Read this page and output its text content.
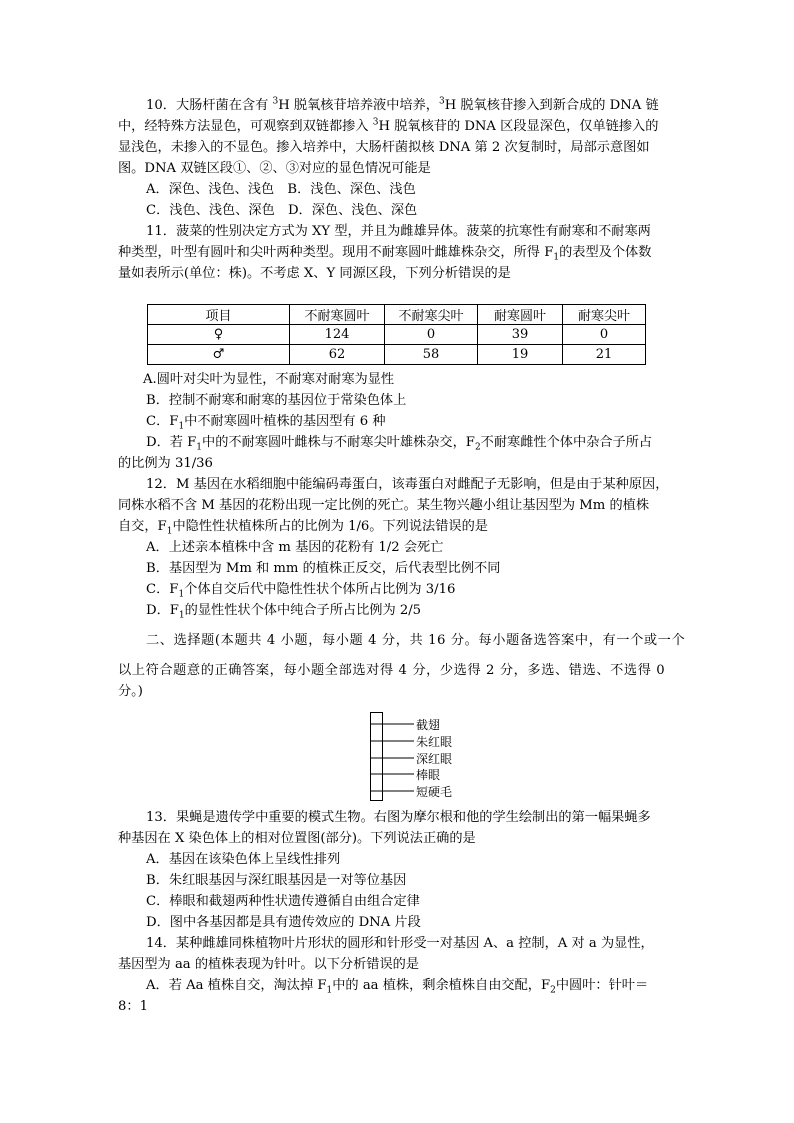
10．大肠杆菌在含有 $^3$H 脱氧核苷培养液中培养，$^3$H 脱氧核苷掺入到新合成的 DNA 链
中，经特殊方法显色，可观察到双链都掺入 $^3$H 脱氧核苷的 DNA 区段显深色，仅单链掺入的
显浅色，未掺入的不显色。掺入培养中，大肠杆菌拟核 DNA 第 2 次复制时，局部示意图如
图。DNA 双链区段①、②、③对应的显色情况可能是
A．深色、浅色、浅色　B．浅色、深色、浅色
C．浅色、浅色、深色　D．深色、浅色、深色
11．菠菜的性别决定方式为 XY 型，并且为雌雄异体。菠菜的抗寒性有耐寒和不耐寒两
种类型，叶型有圆叶和尖叶两种类型。现用不耐寒圆叶雌雄株杂交，所得 $F_1$的表型及个体数
量如表所示(单位：株)。不考虑 X、Y 同源区段，下列分析错误的是
项目	不耐寒圆叶	不耐寒尖叶	耐寒圆叶	耐寒尖叶
♀	124	0	39	0
♂	62	58	19	21
A.圆叶对尖叶为显性，不耐寒对耐寒为显性
B．控制不耐寒和耐寒的基因位于常染色体上
C．$F_1$中不耐寒圆叶植株的基因型有 6 种
D．若 $F_1$中的不耐寒圆叶雌株与不耐寒尖叶雄株杂交，$F_2$不耐寒雌性个体中杂合子所占
的比例为 31/36
12．M 基因在水稻细胞中能编码毒蛋白，该毒蛋白对雌配子无影响，但是由于某种原因，
同株水稻不含 M 基因的花粉出现一定比例的死亡。某生物兴趣小组让基因型为 Mm 的植株
自交，$F_1$中隐性性状植株所占的比例为 1/6。下列说法错误的是
A．上述亲本植株中含 m 基因的花粉有 1/2 会死亡
B．基因型为 Mm 和 mm 的植株正反交，后代表型比例不同
C．$F_1$个体自交后代中隐性性状个体所占比例为 3/16
D．$F_1$的显性性状个体中纯合子所占比例为 2/5
二、选择题(本题共 4 小题，每小题 4 分，共 16 分。每小题备选答案中，有一个或一个
以上符合题意的正确答案，每小题全部选对得 4 分，少选得 2 分，多选、错选、不选得 0
分。)
截翅
朱红眼
深红眼
棒眼
短硬毛
13．果蝇是遗传学中重要的模式生物。右图为摩尔根和他的学生绘制出的第一幅果蝇多
种基因在 X 染色体上的相对位置图(部分)。下列说法正确的是
A．基因在该染色体上呈线性排列
B．朱红眼基因与深红眼基因是一对等位基因
C．棒眼和截翅两种性状遗传遵循自由组合定律
D．图中各基因都是具有遗传效应的 DNA 片段
14．某种雌雄同株植物叶片形状的圆形和针形受一对基因 A、a 控制，A 对 a 为显性，
基因型为 aa 的植株表现为针叶。以下分析错误的是
A．若 Aa 植株自交，淘汰掉 $F_1$中的 aa 植株，剩余植株自由交配，$F_2$中圆叶：针叶＝
8：1
